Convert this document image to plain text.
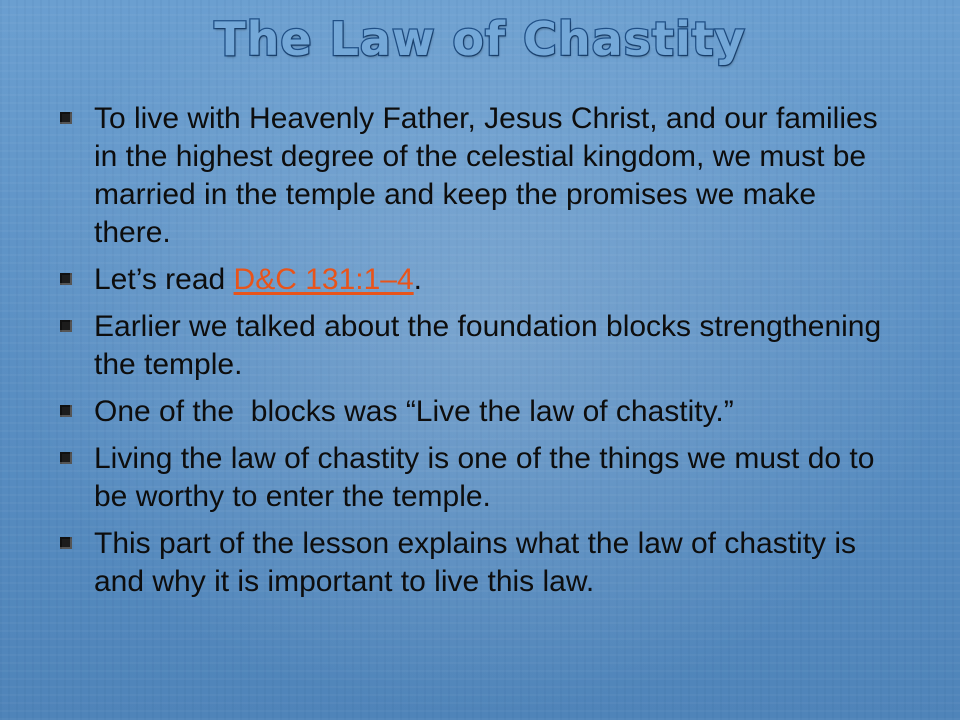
The Law of Chastity
To live with Heavenly Father, Jesus Christ, and our families in the highest degree of the celestial kingdom, we must be married in the temple and keep the promises we make there.
Let’s read D&C 131:1–4.
Earlier we talked about the foundation blocks strengthening the temple.
One of the  blocks was “Live the law of chastity.”
Living the law of chastity is one of the things we must do to be worthy to enter the temple.
This part of the lesson explains what the law of chastity is and why it is important to live this law.
